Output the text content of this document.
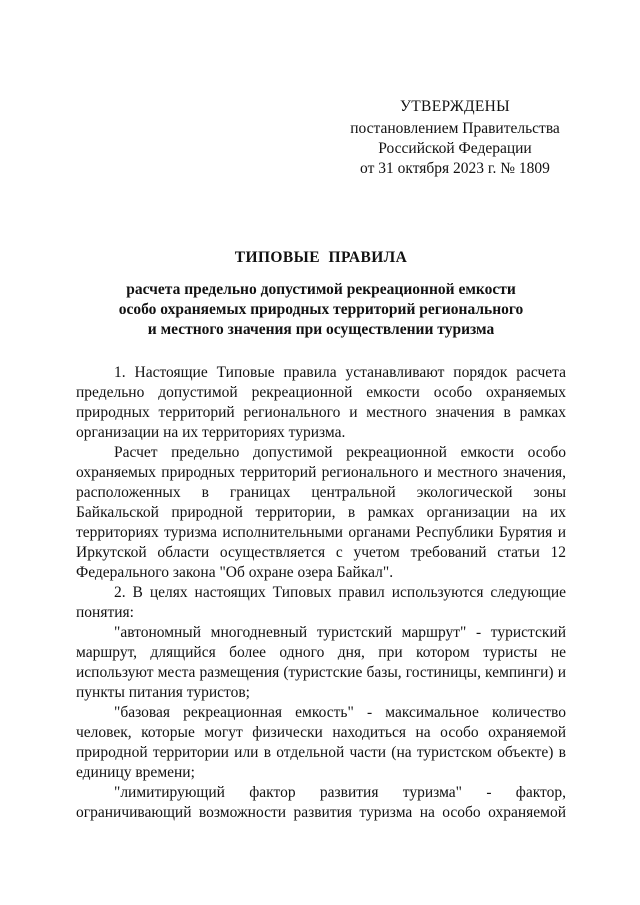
УТВЕРЖДЕНЫ
постановлением Правительства
Российской Федерации
от 31 октября 2023 г. № 1809
ТИПОВЫЕ  ПРАВИЛА
расчета предельно допустимой рекреационной емкости
особо охраняемых природных территорий регионального
и местного значения при осуществлении туризма

1. Настоящие Типовые правила устанавливают порядок расчета предельно допустимой рекреационной емкости особо охраняемых природных территорий регионального и местного значения в рамках организации на их территориях туризма.

Расчет предельно допустимой рекреационной емкости особо охраняемых природных территорий регионального и местного значения, расположенных в границах центральной экологической зоны Байкальской природной территории, в рамках организации на их территориях туризма исполнительными органами Республики Бурятия и Иркутской области осуществляется с учетом требований статьи 12 Федерального закона "Об охране озера Байкал".

2. В целях настоящих Типовых правил используются следующие понятия:

"автономный многодневный туристский маршрут" - туристский маршрут, длящийся более одного дня, при котором туристы не используют места размещения (туристские базы, гостиницы, кемпинги) и пункты питания туристов;

"базовая рекреационная емкость" - максимальное количество человек, которые могут физически находиться на особо охраняемой природной территории или в отдельной части (на туристском объекте) в единицу времени;

"лимитирующий фактор развития туризма" - фактор, ограничивающий возможности развития туризма на особо охраняемой
